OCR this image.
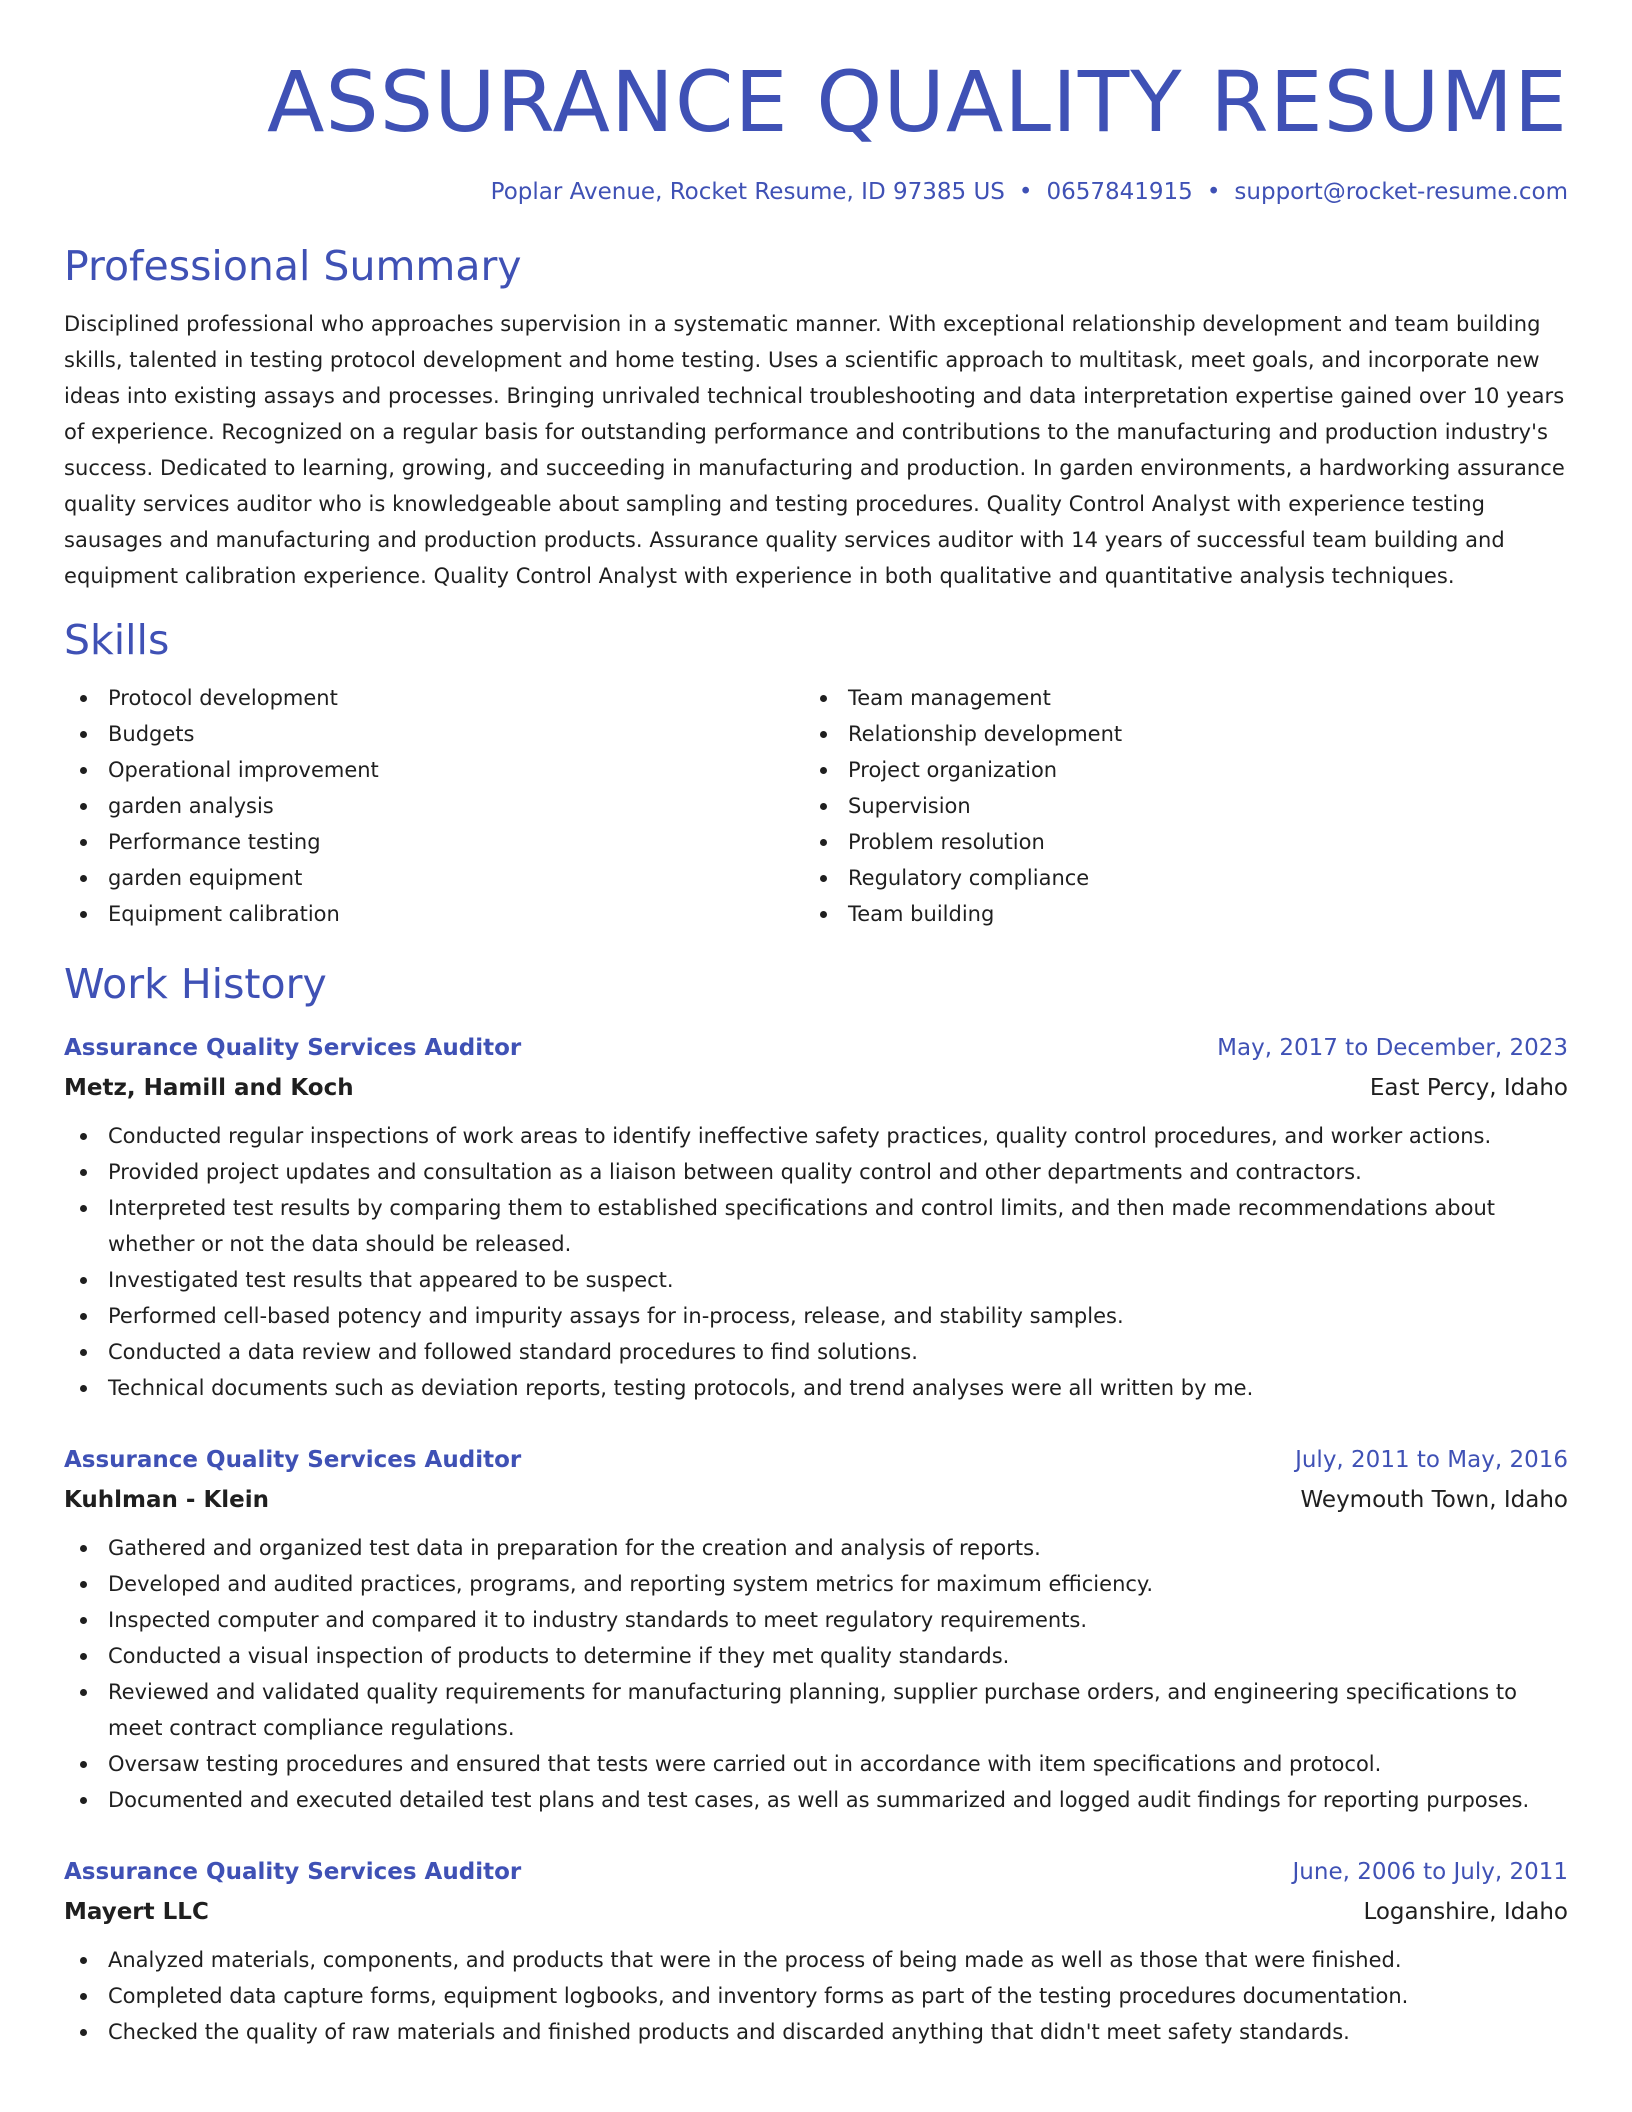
ASSURANCE QUALITY RESUME
Poplar Avenue, Rocket Resume, ID 97385 US • 0657841915 • support@rocket-resume.com
Professional Summary
Disciplined professional who approaches supervision in a systematic manner. With exceptional relationship development and team building skills, talented in testing protocol development and home testing. Uses a scientific approach to multitask, meet goals, and incorporate new ideas into existing assays and processes. Bringing unrivaled technical troubleshooting and data interpretation expertise gained over 10 years of experience. Recognized on a regular basis for outstanding performance and contributions to the manufacturing and production industry's success. Dedicated to learning, growing, and succeeding in manufacturing and production. In garden environments, a hardworking assurance quality services auditor who is knowledgeable about sampling and testing procedures. Quality Control Analyst with experience testing sausages and manufacturing and production products. Assurance quality services auditor with 14 years of successful team building and equipment calibration experience. Quality Control Analyst with experience in both qualitative and quantitative analysis techniques.
Skills
Protocol development
Budgets
Operational improvement
garden analysis
Performance testing
garden equipment
Equipment calibration
Team management
Relationship development
Project organization
Supervision
Problem resolution
Regulatory compliance
Team building
Work History
Assurance Quality Services Auditor	May, 2017 to December, 2023
Metz, Hamill and Koch	East Percy, Idaho
Conducted regular inspections of work areas to identify ineffective safety practices, quality control procedures, and worker actions.
Provided project updates and consultation as a liaison between quality control and other departments and contractors.
Interpreted test results by comparing them to established specifications and control limits, and then made recommendations about whether or not the data should be released.
Investigated test results that appeared to be suspect.
Performed cell-based potency and impurity assays for in-process, release, and stability samples.
Conducted a data review and followed standard procedures to find solutions.
Technical documents such as deviation reports, testing protocols, and trend analyses were all written by me.
Assurance Quality Services Auditor	July, 2011 to May, 2016
Kuhlman - Klein	Weymouth Town, Idaho
Gathered and organized test data in preparation for the creation and analysis of reports.
Developed and audited practices, programs, and reporting system metrics for maximum efficiency.
Inspected computer and compared it to industry standards to meet regulatory requirements.
Conducted a visual inspection of products to determine if they met quality standards.
Reviewed and validated quality requirements for manufacturing planning, supplier purchase orders, and engineering specifications to meet contract compliance regulations.
Oversaw testing procedures and ensured that tests were carried out in accordance with item specifications and protocol.
Documented and executed detailed test plans and test cases, as well as summarized and logged audit findings for reporting purposes.
Assurance Quality Services Auditor	June, 2006 to July, 2011
Mayert LLC	Loganshire, Idaho
Analyzed materials, components, and products that were in the process of being made as well as those that were finished.
Completed data capture forms, equipment logbooks, and inventory forms as part of the testing procedures documentation.
Checked the quality of raw materials and finished products and discarded anything that didn't meet safety standards.
